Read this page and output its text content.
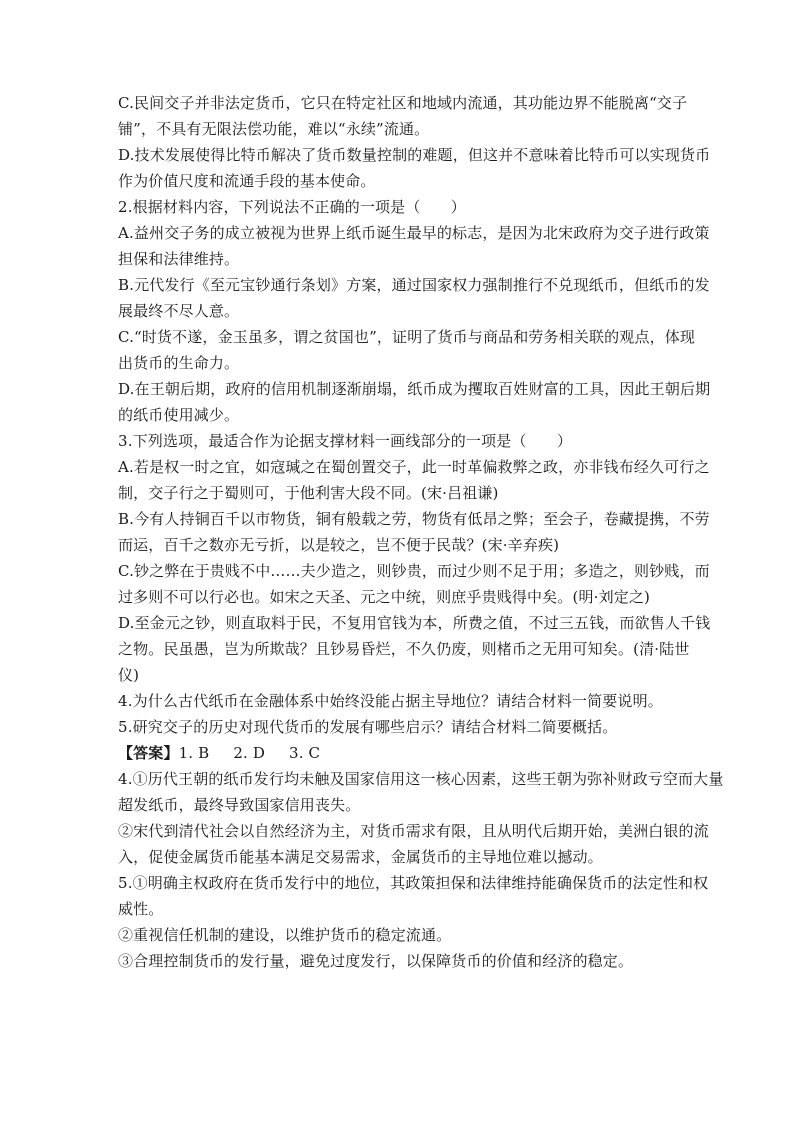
C.民间交子并非法定货币，它只在特定社区和地域内流通，其功能边界不能脱离“交子
铺”，不具有无限法偿功能，难以“永续”流通。
D.技术发展使得比特币解决了货币数量控制的难题，但这并不意味着比特币可以实现货币
作为价值尺度和流通手段的基本使命。
2.根据材料内容，下列说法不正确的一项是（　　）
A.益州交子务的成立被视为世界上纸币诞生最早的标志，是因为北宋政府为交子进行政策
担保和法律维持。
B.元代发行《至元宝钞通行条划》方案，通过国家权力强制推行不兑现纸币，但纸币的发
展最终不尽人意。
C.“时货不遂，金玉虽多，谓之贫国也”，证明了货币与商品和劳务相关联的观点，体现
出货币的生命力。
D.在王朝后期，政府的信用机制逐渐崩塌，纸币成为攫取百姓财富的工具，因此王朝后期
的纸币使用减少。
3.下列选项，最适合作为论据支撑材料一画线部分的一项是（　　）
A.若是权一时之宜，如寇瑊之在蜀创置交子，此一时革偏救弊之政，亦非钱布经久可行之
制，交子行之于蜀则可，于他利害大段不同。(宋·吕祖谦)
B.今有人持铜百千以市物货，铜有般载之劳，物货有低昂之弊；至会子，卷藏提携，不劳
而运，百千之数亦无亏折，以是较之，岂不便于民哉？(宋·辛弃疾)
C.钞之弊在于贵贱不中……夫少造之，则钞贵，而过少则不足于用；多造之，则钞贱，而
过多则不可以行必也。如宋之天圣、元之中统，则庶乎贵贱得中矣。(明·刘定之)
D.至金元之钞，则直取料于民，不复用官钱为本，所费之值，不过三五钱，而欲售人千钱
之物。民虽愚，岂为所欺哉？且钞易昏烂，不久仍废，则楮币之无用可知矣。(清·陆世
仪)
4.为什么古代纸币在金融体系中始终没能占据主导地位？请结合材料一简要说明。
5.研究交子的历史对现代货币的发展有哪些启示？请结合材料二简要概括。
【答案】1. B 2. D 3. C
4.①历代王朝的纸币发行均未触及国家信用这一核心因素，这些王朝为弥补财政亏空而大量
超发纸币，最终导致国家信用丧失。
②宋代到清代社会以自然经济为主，对货币需求有限，且从明代后期开始，美洲白银的流
入，促使金属货币能基本满足交易需求，金属货币的主导地位难以撼动。
5.①明确主权政府在货币发行中的地位，其政策担保和法律维持能确保货币的法定性和权
威性。
②重视信任机制的建设，以维护货币的稳定流通。
③合理控制货币的发行量，避免过度发行，以保障货币的价值和经济的稳定。
